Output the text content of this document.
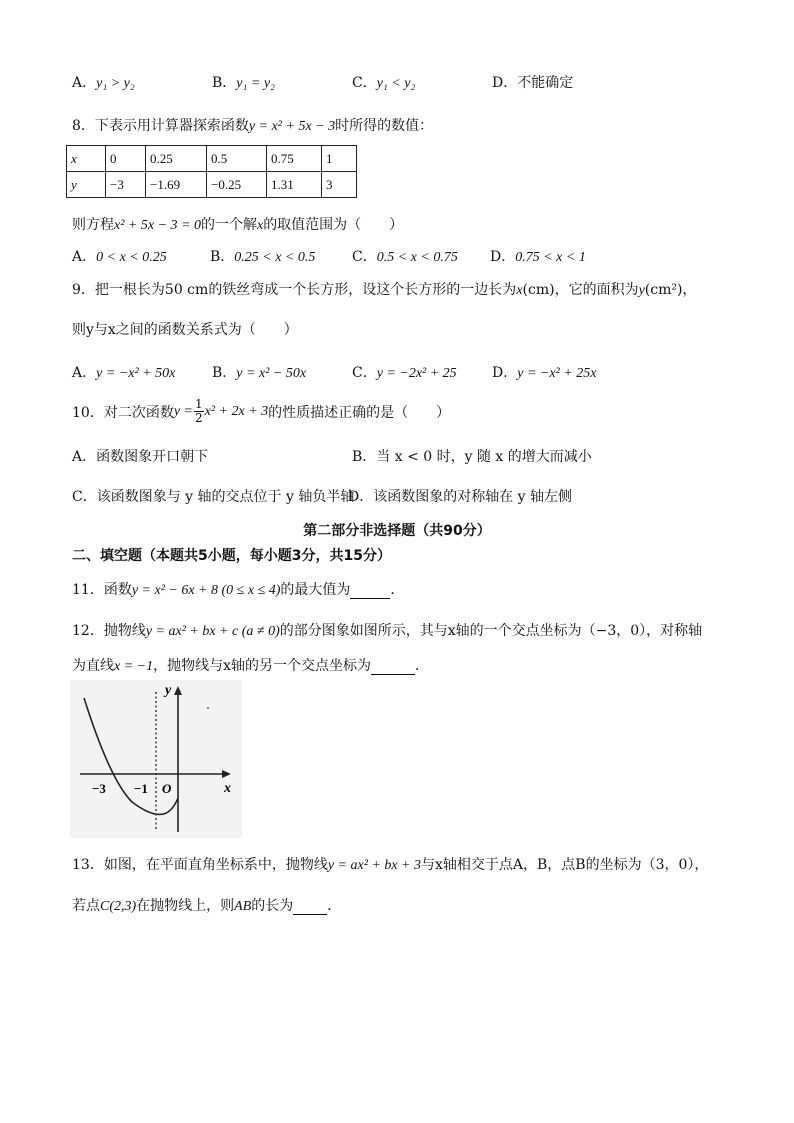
A．y₁ > y₂	B．y₁ = y₂	C．y₁ < y₂	D．不能确定
8．下表示用计算器探索函数y = x² + 5x − 3时所得的数值：
x	0	0.25	0.5	0.75	1
y	−3	−1.69	−0.25	1.31	3
则方程x² + 5x − 3 = 0的一个解x的取值范围为（　　）
A．0 < x < 0.25	B．0.25 < x < 0.5	C．0.5 < x < 0.75 D．0.75 < x < 1
9．把一根长为50 cm的铁丝弯成一个长方形，设这个长方形的一边长为x(cm)，它的面积为y(cm²)，
则y与x之间的函数关系式为（　　）
A．y = −x² + 50x	B．y = x² − 50x	C．y = −2x² + 25	D．y = −x² + 25x
10．对二次函数 $y = \frac{1}{2} x^2 + 2x + 3$ 的性质描述正确的是（　　）
A．函数图象开口朝下	B．当 x < 0 时，y 随 x 的增大而减小
C．该函数图象与 y 轴的交点位于 y 轴负半轴
D．该函数图象的对称轴在 y 轴左侧
第二部分非选择题（共90分）
二、填空题（本题共5小题，每小题3分，共15分）
11．函数y = x² − 6x + 8 (0 ≤ x ≤ 4)的最大值为	．
12．抛物线y = ax² + bx + c (a ≠ 0)的部分图象如图所示，其与x轴的一个交点坐标为（−3，0），对称轴
为直线x = −1，抛物线与x轴的另一个交点坐标为	．
y
x
O
−3 −1
13．如图，在平面直角坐标系中，抛物线y = ax² + bx + 3与x轴相交于点A，B，点B的坐标为（3，0），
若点C(2,3)在抛物线上，则AB的长为 ．
